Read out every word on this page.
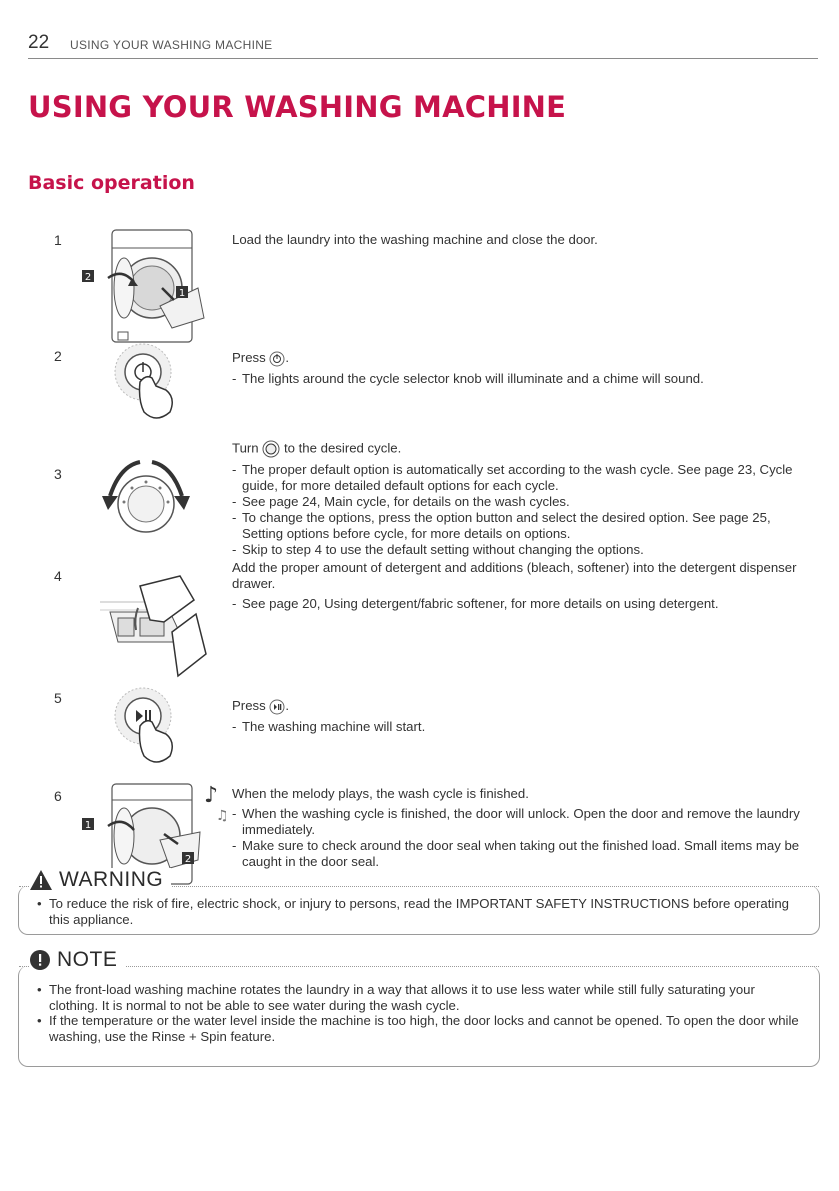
22 USING YOUR WASHING MACHINE
USING YOUR WASHING MACHINE
Basic operation
1
2
1

Load the laundry into the washing machine and close the door.

2	Press .

- The lights around the cycle selector knob will illuminate and a chime will sound.
3

Turn to the desired cycle.

- The proper default option is automatically set according to the wash cycle. See page 23, Cycle guide, for more detailed default options for each cycle.
- See page 24, Main cycle, for details on the wash cycles.
- To change the options, press the option button and select the desired option. See page 25, Setting options before cycle, for more details on options.
- Skip to step 4 to use the default setting without changing the options.
4

Add the proper amount of detergent and additions (bleach, softener) into the detergent dispenser drawer.

- See page 20, Using detergent/fabric softener, for more details on using detergent.
5	Press .

- The washing machine will start.
6
1
2
♪
♫

When the melody plays, the wash cycle is finished.

- When the washing cycle is finished, the door will unlock. Open the door and remove the laundry immediately.
- Make sure to check around the door seal when taking out the finished load. Small items may be caught in the door seal.
WARNING
• To reduce the risk of fire, electric shock, or injury to persons, read the IMPORTANT SAFETY INSTRUCTIONS before operating this appliance.
NOTE
• The front-load washing machine rotates the laundry in a way that allows it to use less water while still fully saturating your clothing. It is normal to not be able to see water during the wash cycle.
• If the temperature or the water level inside the machine is too high, the door locks and cannot be opened. To open the door while washing, use the Rinse + Spin feature.
